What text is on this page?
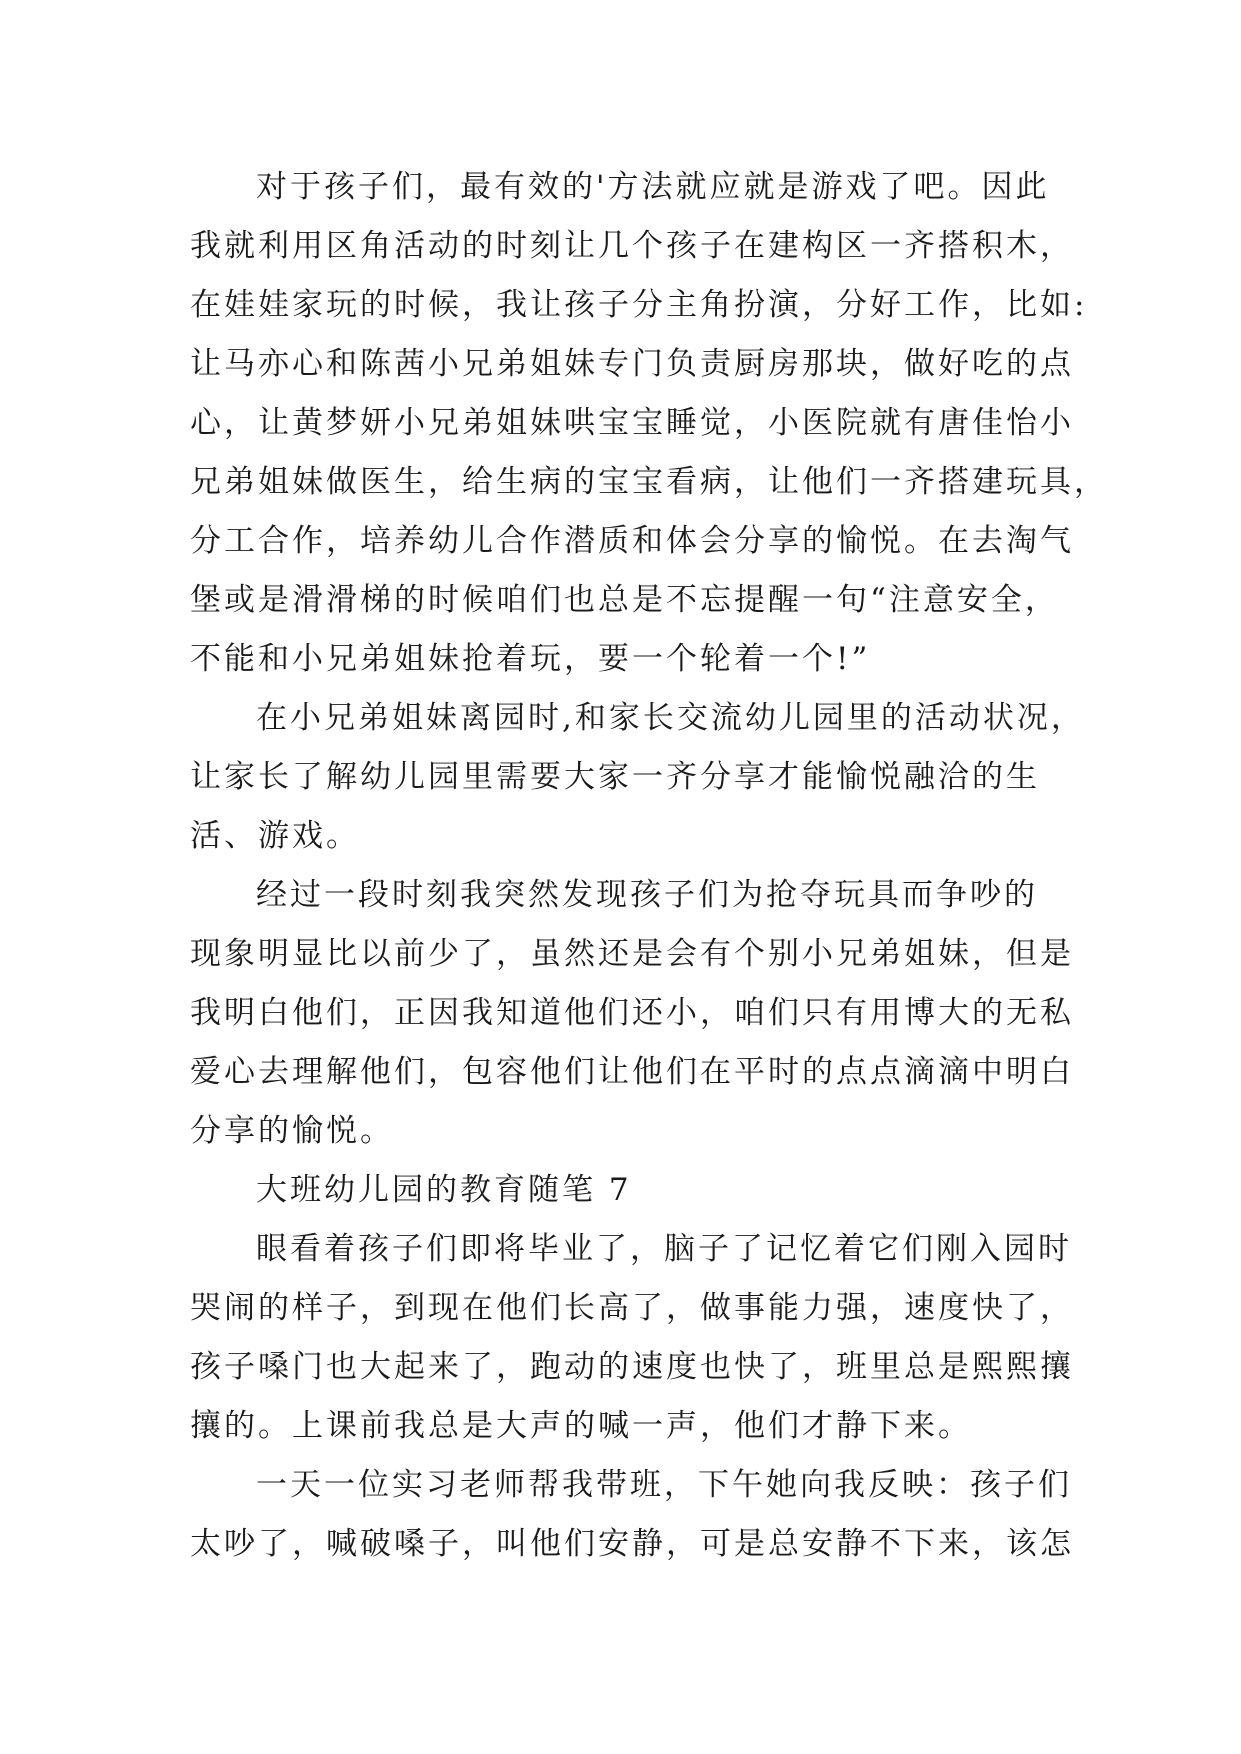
对于孩子们，最有效的'方法就应就是游戏了吧。因此
我就利用区角活动的时刻让几个孩子在建构区一齐搭积木，
在娃娃家玩的时候，我让孩子分主角扮演，分好工作，比如:
让马亦心和陈茜小兄弟姐妹专门负责厨房那块，做好吃的点
心，让黄梦妍小兄弟姐妹哄宝宝睡觉，小医院就有唐佳怡小
兄弟姐妹做医生，给生病的宝宝看病，让他们一齐搭建玩具，
分工合作，培养幼儿合作潜质和体会分享的愉悦。在去淘气
堡或是滑滑梯的时候咱们也总是不忘提醒一句“注意安全，
不能和小兄弟姐妹抢着玩，要一个轮着一个!”
在小兄弟姐妹离园时,和家长交流幼儿园里的活动状况，
让家长了解幼儿园里需要大家一齐分享才能愉悦融洽的生
活、游戏。
经过一段时刻我突然发现孩子们为抢夺玩具而争吵的
现象明显比以前少了，虽然还是会有个别小兄弟姐妹，但是
我明白他们，正因我知道他们还小，咱们只有用博大的无私
爱心去理解他们，包容他们让他们在平时的点点滴滴中明白
分享的愉悦。
大班幼儿园的教育随笔 7
眼看着孩子们即将毕业了，脑子了记忆着它们刚入园时
哭闹的样子，到现在他们长高了，做事能力强，速度快了，
孩子嗓门也大起来了，跑动的速度也快了，班里总是熙熙攘
攘的。上课前我总是大声的喊一声，他们才静下来。
一天一位实习老师帮我带班，下午她向我反映：孩子们
太吵了，喊破嗓子，叫他们安静，可是总安静不下来，该怎
